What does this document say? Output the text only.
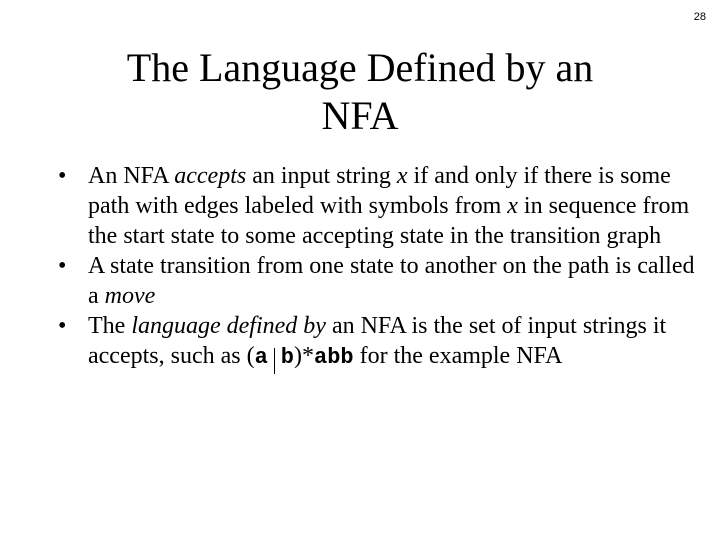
28
The Language Defined by an
NFA
• An NFA accepts an input string x if and only if there is some path with edges labeled with symbols from x in sequence from the start state to some accepting state in the transition graph
• A state transition from one state to another on the path is called a move
• The language defined by an NFA is the set of input strings it accepts, such as (a b)*abb for the example NFA
